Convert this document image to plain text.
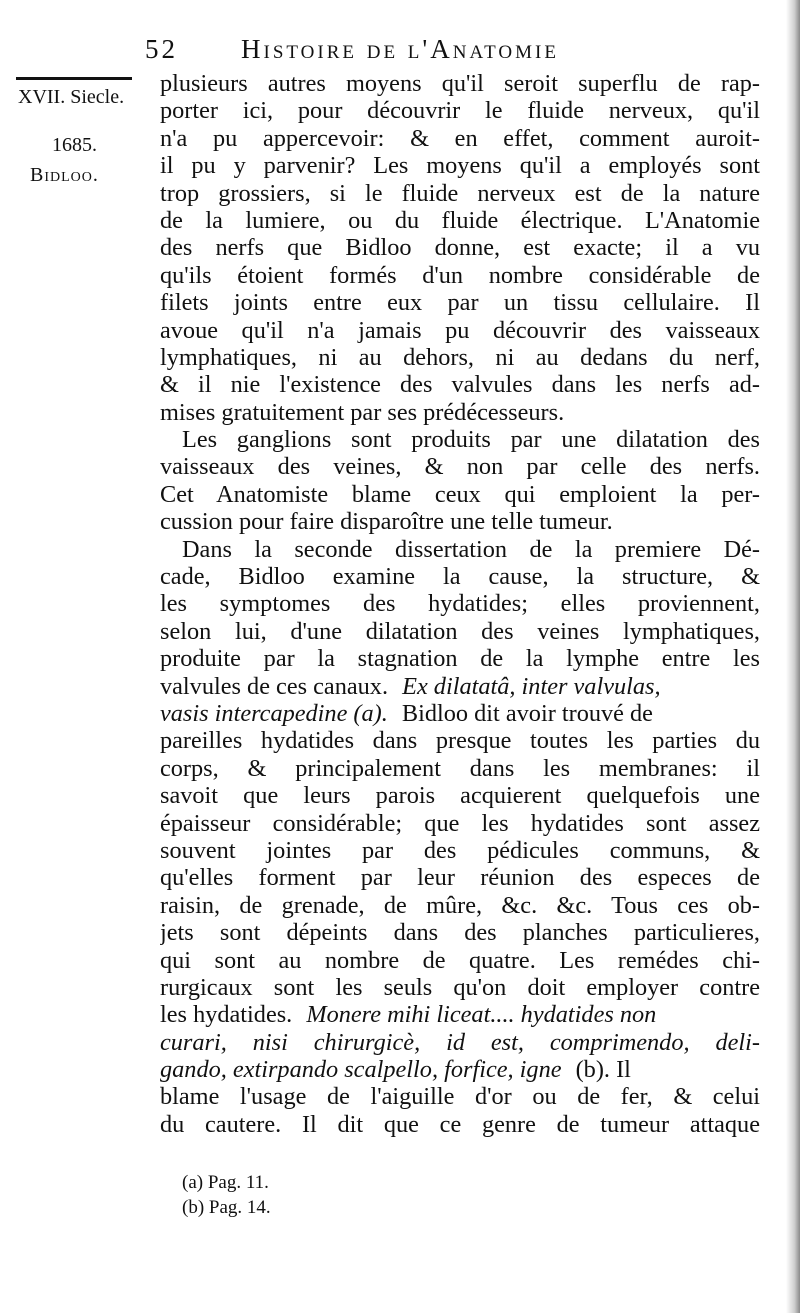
52 Histoire de l'Anatomie
XVII. Siecle.
1685.
Bidloo.
plusieurs autres moyens qu'il seroit superflu de rap-
porter ici, pour découvrir le fluide nerveux, qu'il
n'a pu appercevoir: & en effet, comment auroit-
il pu y parvenir? Les moyens qu'il a employés sont
trop grossiers, si le fluide nerveux est de la nature
de la lumiere, ou du fluide électrique. L'Anatomie
des nerfs que Bidloo donne, est exacte; il a vu
qu'ils étoient formés d'un nombre considérable de
filets joints entre eux par un tissu cellulaire. Il
avoue qu'il n'a jamais pu découvrir des vaisseaux
lymphatiques, ni au dehors, ni au dedans du nerf,
& il nie l'existence des valvules dans les nerfs ad-
mises gratuitement par ses prédécesseurs.
Les ganglions sont produits par une dilatation des
vaisseaux des veines, & non par celle des nerfs.
Cet Anatomiste blame ceux qui emploient la per-
cussion pour faire disparoître une telle tumeur.
Dans la seconde dissertation de la premiere Dé-
cade, Bidloo examine la cause, la structure, &
les symptomes des hydatides; elles proviennent,
selon lui, d'une dilatation des veines lymphatiques,
produite par la stagnation de la lymphe entre les
valvules de ces canaux. Ex dilatatâ, inter valvulas,
vasis intercapedine (a). Bidloo dit avoir trouvé de
pareilles hydatides dans presque toutes les parties du
corps, & principalement dans les membranes: il
savoit que leurs parois acquierent quelquefois une
épaisseur considérable; que les hydatides sont assez
souvent jointes par des pédicules communs, &
qu'elles forment par leur réunion des especes de
raisin, de grenade, de mûre, &c. &c. Tous ces ob-
jets sont dépeints dans des planches particulieres,
qui sont au nombre de quatre. Les remédes chi-
rurgicaux sont les seuls qu'on doit employer contre
les hydatides. Monere mihi liceat.... hydatides non
curari, nisi chirurgicè, id est, comprimendo, deli-
gando, extirpando scalpello, forfice, igne (b). Il
blame l'usage de l'aiguille d'or ou de fer, & celui
du cautere. Il dit que ce genre de tumeur attaque
(a) Pag. 11.
(b) Pag. 14.
